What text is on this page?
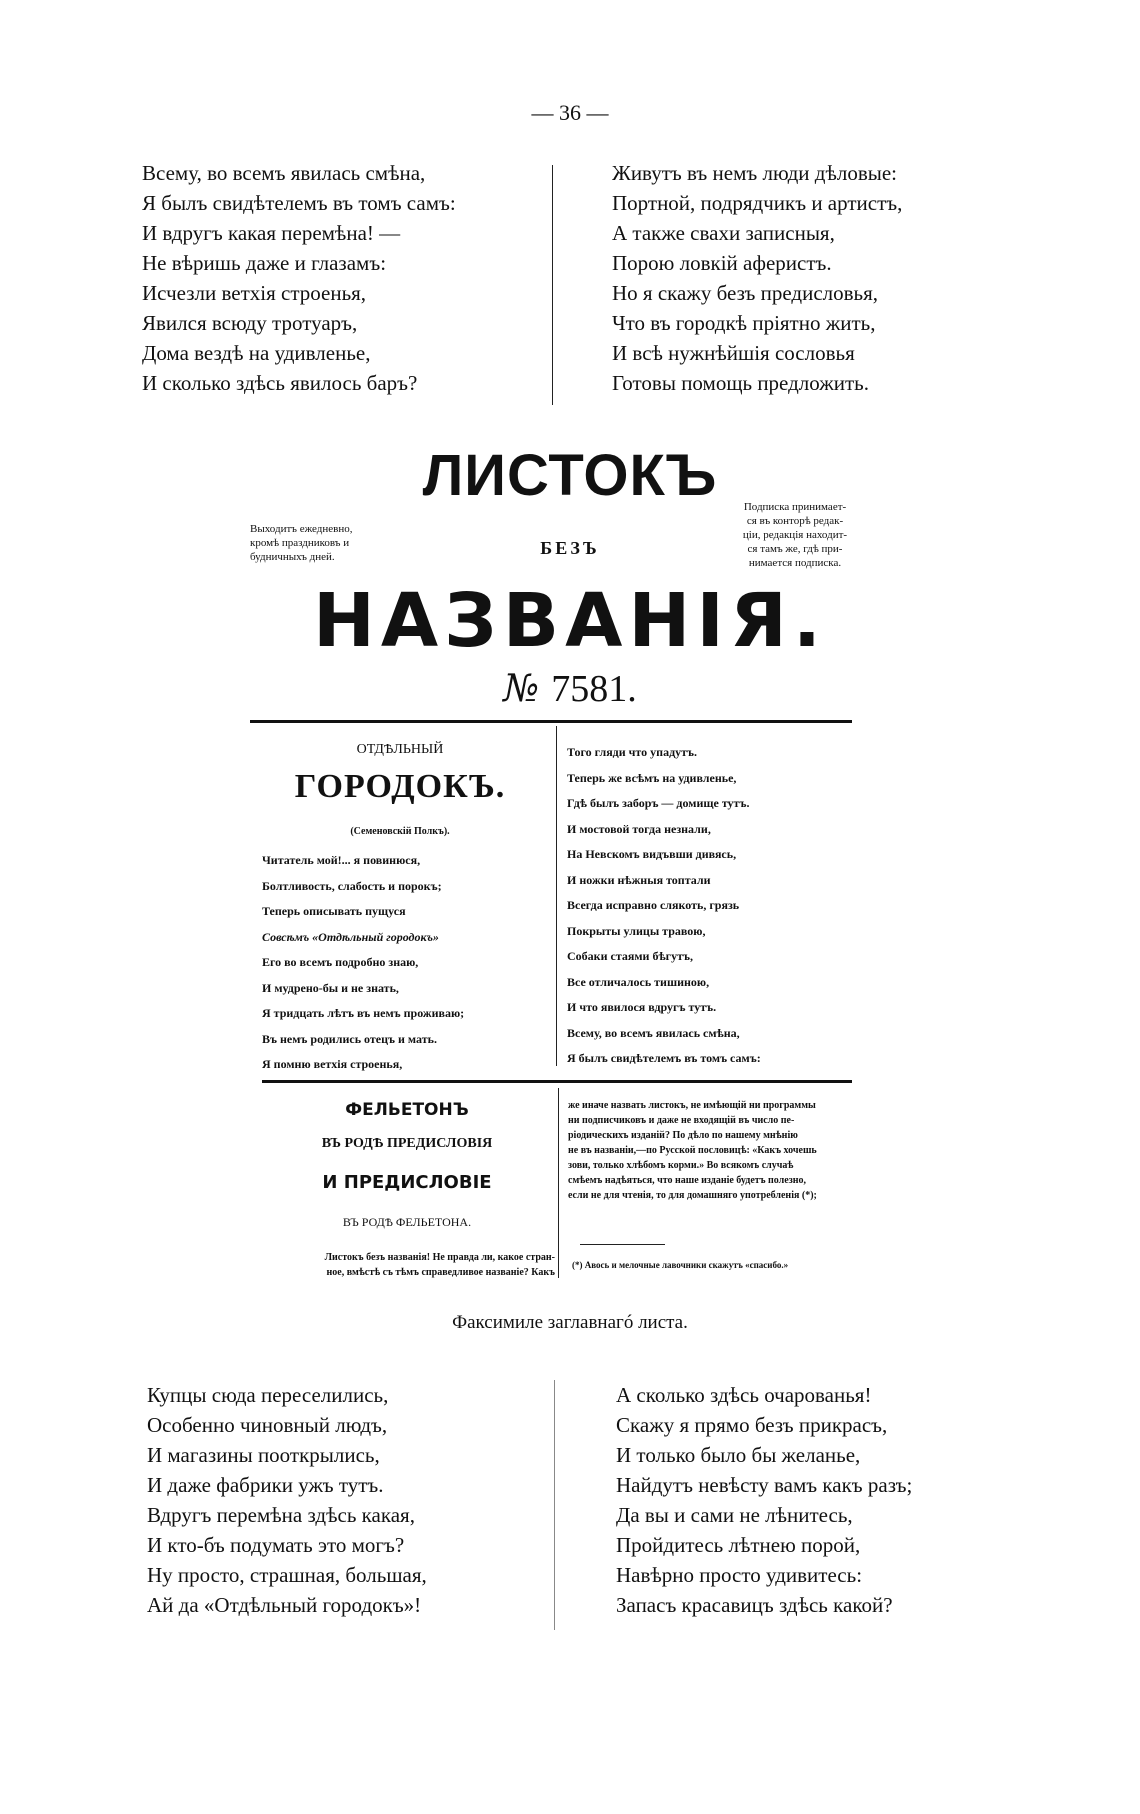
— 36 —
Всему, во всемъ явилась смѣна,
Я былъ свидѣтелемъ въ томъ самъ:
И вдругъ какая перемѣна! —
Не вѣришь даже и глазамъ:
Исчезли ветхія строенья,
Явился всюду тротуаръ,
Дома вездѣ на удивленье,
И сколько здѣсь явилось баръ?
Живутъ въ немъ люди дѣловые:
Портной, подрядчикъ и артистъ,
А также свахи записныя,
Порою ловкій аферистъ.
Но я скажу безъ предисловья,
Что въ городкѣ пріятно жить,
И всѣ нужнѣйшія сословья
Готовы помощь предложить.
ЛИСТОКЪ
БЕЗЪ
НАЗВАНІЯ.
Выходитъ ежедневно,
кромѣ праздниковъ и
будничныхъ дней.
Подписка принимает-
ся въ конторѣ редак-
ціи, редакція находит-
ся тамъ же, гдѣ при-
нимается подписка.
№ 7581.
ОТДѢЛЬНЫЙ
ГОРОДОКЪ.
(Семеновскій Полкъ).
Читатель мой!... я повинюся,
Болтливость, слабость и порокъ;
Теперь описывать пущуся
Совсѣмъ «Отдѣльный городокъ»
Его во всемъ подробно знаю,
И мудрено-бы и не знать,
Я тридцать лѣтъ въ немъ проживаю;
Въ немъ родились отецъ и мать.
Я помню ветхія строенья,
Того гляди что упадутъ.
Теперь же всѣмъ на удивленье,
Гдѣ былъ заборъ — домище тутъ.
И мостовой тогда незнали,
На Невскомъ видъвши дивясь,
И ножки нѣжныя топтали
Всегда исправно слякоть, грязь
Покрыты улицы травою,
Собаки стаями бѣгутъ,
Все отличалось тишиною,
И что явилося вдругъ тутъ.
Всему, во всемъ явилась смѣна,
Я былъ свидѣтелемъ въ томъ самъ:
ФЕЛЬЕТОНЪ
ВЪ РОДѢ ПРЕДИСЛОВІЯ
И ПРЕДИСЛОВІЕ
ВЪ РОДѢ ФЕЛЬЕТОНА.
Листокъ безъ названія! Не правда ли, какое стран-
ное, вмѣстѣ съ тѣмъ справедливое названіе? Какъ
же иначе назвать листокъ, не имѣющій ни программы
ни подписчиковъ и даже не входящій въ число пе-
ріодическихъ изданій? По дѣло по нашему мнѣнію
не въ названіи,—по Русской пословицѣ: «Какъ хочешь
зови, только хлѣбомъ корми.» Во всякомъ случаѣ
смѣемъ надѣяться, что наше изданіе будетъ полезно,
если не для чтенія, то для домашняго употребленія (*);
(*) Авось и мелочные лавочники скажутъ «спасибо.»
Факсимиле заглавнагó листа.
Купцы сюда переселились,
Особенно чиновный людъ,
И магазины пооткрылись,
И даже фабрики ужъ тутъ.
Вдругъ перемѣна здѣсь какая,
И кто-бъ подумать это могъ?
Ну просто, страшная, большая,
Ай да «Отдѣльный городокъ»!
А сколько здѣсь очарованья!
Скажу я прямо безъ прикрасъ,
И только было бы желанье,
Найдутъ невѣсту вамъ какъ разъ;
Да вы и сами не лѣнитесь,
Пройдитесь лѣтнею порой,
Навѣрно просто удивитесь:
Запасъ красавицъ здѣсь какой?
